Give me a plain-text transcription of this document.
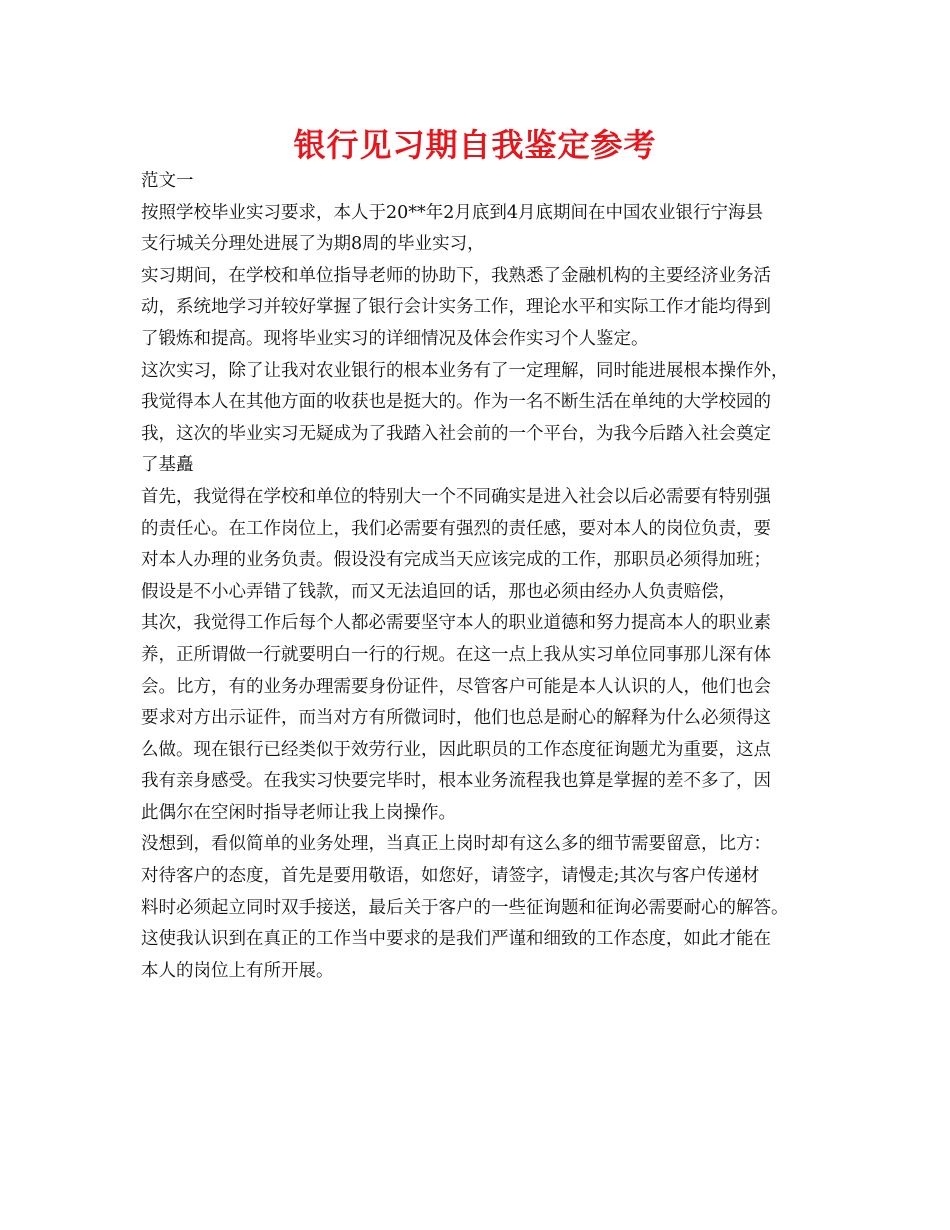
银行见习期自我鉴定参考

范文一

按照学校毕业实习要求，本人于20**年2月底到4月底期间在中国农业银行宁海县

支行城关分理处进展了为期8周的毕业实习，

实习期间，在学校和单位指导老师的协助下，我熟悉了金融机构的主要经济业务活

动，系统地学习并较好掌握了银行会计实务工作，理论水平和实际工作才能均得到

了锻炼和提高。现将毕业实习的详细情况及体会作实习个人鉴定。

这次实习，除了让我对农业银行的根本业务有了一定理解，同时能进展根本操作外，

我觉得本人在其他方面的收获也是挺大的。作为一名不断生活在单纯的大学校园的

我，这次的毕业实习无疑成为了我踏入社会前的一个平台，为我今后踏入社会奠定

了基矗

首先，我觉得在学校和单位的特别大一个不同确实是进入社会以后必需要有特别强

的责任心。在工作岗位上，我们必需要有强烈的责任感，要对本人的岗位负责，要

对本人办理的业务负责。假设没有完成当天应该完成的工作，那职员必须得加班；

假设是不小心弄错了钱款，而又无法追回的话，那也必须由经办人负责赔偿，

其次，我觉得工作后每个人都必需要坚守本人的职业道德和努力提高本人的职业素

养，正所谓做一行就要明白一行的行规。在这一点上我从实习单位同事那儿深有体

会。比方，有的业务办理需要身份证件，尽管客户可能是本人认识的人，他们也会

要求对方出示证件，而当对方有所微词时，他们也总是耐心的解释为什么必须得这

么做。现在银行已经类似于效劳行业，因此职员的工作态度征询题尤为重要，这点

我有亲身感受。在我实习快要完毕时，根本业务流程我也算是掌握的差不多了，因

此偶尔在空闲时指导老师让我上岗操作。

没想到，看似简单的业务处理，当真正上岗时却有这么多的细节需要留意，比方：

对待客户的态度，首先是要用敬语，如您好，请签字，请慢走;其次与客户传递材

料时必须起立同时双手接送，最后关于客户的一些征询题和征询必需要耐心的解答。

这使我认识到在真正的工作当中要求的是我们严谨和细致的工作态度，如此才能在

本人的岗位上有所开展。
